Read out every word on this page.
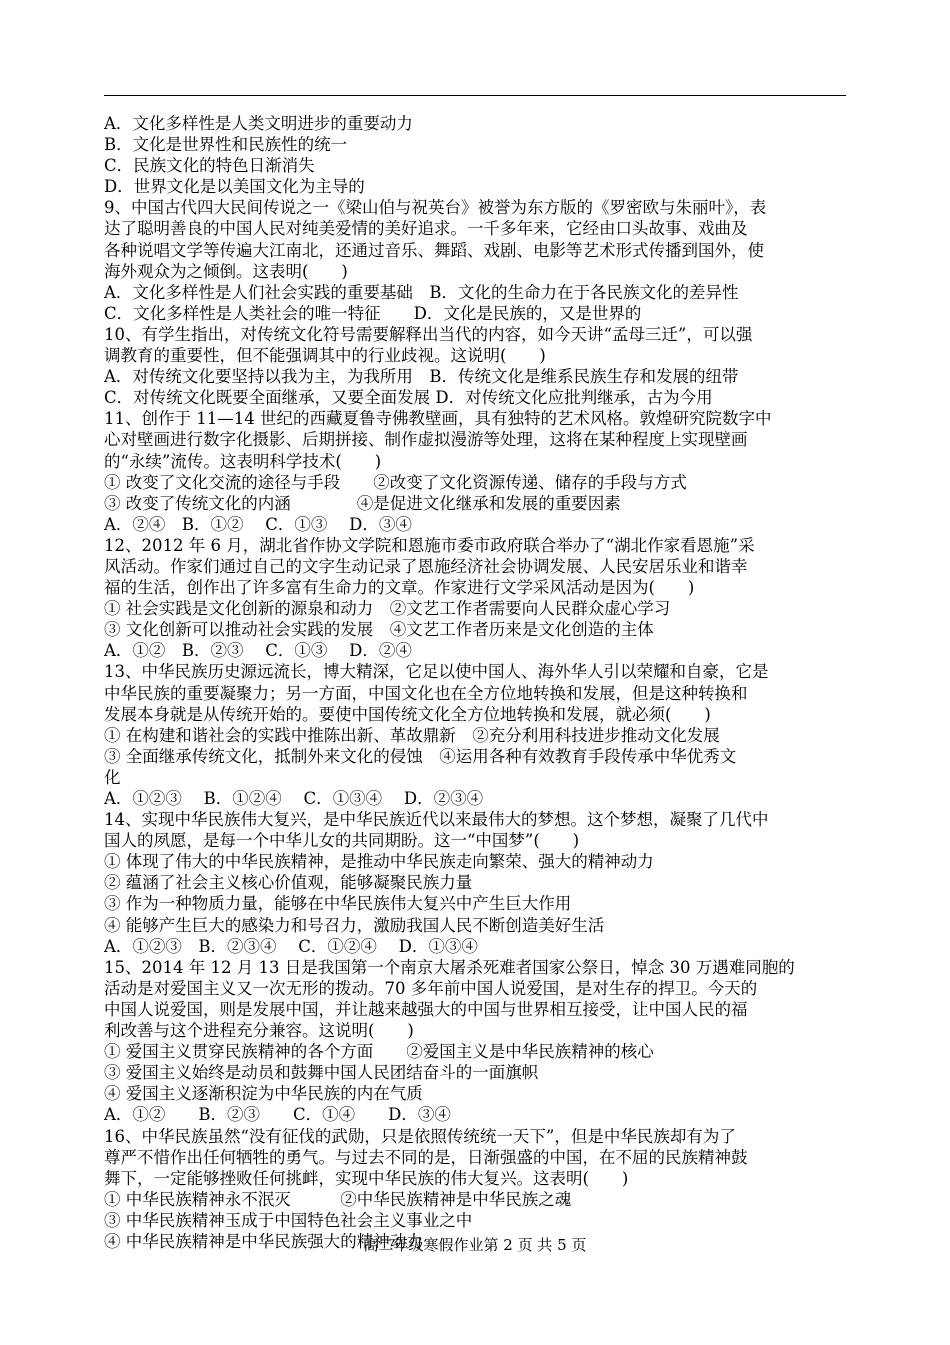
A．文化多样性是人类文明进步的重要动力
B．文化是世界性和民族性的统一
C．民族文化的特色日渐消失
D．世界文化是以美国文化为主导的
9、中国古代四大民间传说之一《梁山伯与祝英台》被誉为东方版的《罗密欧与朱丽叶》，表
达了聪明善良的中国人民对纯美爱情的美好追求。一千多年来，它经由口头故事、戏曲及
各种说唱文学等传遍大江南北，还通过音乐、舞蹈、戏剧、电影等艺术形式传播到国外，使
海外观众为之倾倒。这表明(　　)
A．文化多样性是人们社会实践的重要基础　B．文化的生命力在于各民族文化的差异性
C．文化多样性是人类社会的唯一特征　　D．文化是民族的，又是世界的
10、有学生指出，对传统文化符号需要解释出当代的内容，如今天讲“孟母三迁”，可以强
调教育的重要性，但不能强调其中的行业歧视。这说明(　　)
A．对传统文化要坚持以我为主，为我所用　B．传统文化是维系民族生存和发展的纽带
C．对传统文化既要全面继承，又要全面发展 D．对传统文化应批判继承，古为今用
11、创作于 11—14 世纪的西藏夏鲁寺佛教壁画，具有独特的艺术风格。敦煌研究院数字中
心对壁画进行数字化摄影、后期拼接、制作虚拟漫游等处理，这将在某种程度上实现壁画
的“永续”流传。这表明科学技术(　　)
① 改变了文化交流的途径与手段　　②改变了文化资源传递、储存的手段与方式
③ 改变了传统文化的内涵　　　　④是促进文化继承和发展的重要因素
A．②④　B．①②　 C．①③　 D．③④
12、2012 年 6 月，湖北省作协文学院和恩施市委市政府联合举办了“湖北作家看恩施”采
风活动。作家们通过自己的文字生动记录了恩施经济社会协调发展、人民安居乐业和谐幸
福的生活，创作出了许多富有生命力的文章。作家进行文学采风活动是因为(　　)
① 社会实践是文化创新的源泉和动力　②文艺工作者需要向人民群众虚心学习
③ 文化创新可以推动社会实践的发展　④文艺工作者历来是文化创造的主体
A．①②　B．②③　 C．①③　 D．②④
13、中华民族历史源远流长，博大精深，它足以使中国人、海外华人引以荣耀和自豪，它是
中华民族的重要凝聚力；另一方面，中国文化也在全方位地转换和发展，但是这种转换和
发展本身就是从传统开始的。要使中国传统文化全方位地转换和发展，就必须(　　)
① 在构建和谐社会的实践中推陈出新、革故鼎新　②充分利用科技进步推动文化发展
③ 全面继承传统文化，抵制外来文化的侵蚀　④运用各种有效教育手段传承中华优秀文
化
A．①②③　 B．①②④　 C．①③④　 D．②③④
14、实现中华民族伟大复兴，是中华民族近代以来最伟大的梦想。这个梦想，凝聚了几代中
国人的夙愿，是每一个中华儿女的共同期盼。这一“中国梦”(　　)
① 体现了伟大的中华民族精神，是推动中华民族走向繁荣、强大的精神动力
② 蕴涵了社会主义核心价值观，能够凝聚民族力量
③ 作为一种物质力量，能够在中华民族伟大复兴中产生巨大作用
④ 能够产生巨大的感染力和号召力，激励我国人民不断创造美好生活
A．①②③　B．②③④　 C．①②④　 D．①③④
15、2014 年 12 月 13 日是我国第一个南京大屠杀死难者国家公祭日，悼念 30 万遇难同胞的
活动是对爱国主义又一次无形的拨动。70 多年前中国人说爱国，是对生存的捍卫。今天的
中国人说爱国，则是发展中国，并让越来越强大的中国与世界相互接受，让中国人民的福
利改善与这个进程充分兼容。这说明(　　)
① 爱国主义贯穿民族精神的各个方面　　②爱国主义是中华民族精神的核心
③ 爱国主义始终是动员和鼓舞中国人民团结奋斗的一面旗帜
④ 爱国主义逐渐积淀为中华民族的内在气质
A．①②　　B．②③　　C．①④　　D．③④
16、中华民族虽然“没有征伐的武勋，只是依照传统统一天下”，但是中华民族却有为了
尊严不惜作出任何牺牲的勇气。与过去不同的是，日渐强盛的中国，在不屈的民族精神鼓
舞下，一定能够挫败任何挑衅，实现中华民族的伟大复兴。这表明(　　)
① 中华民族精神永不泯灭　　　②中华民族精神是中华民族之魂
③ 中华民族精神玉成于中国特色社会主义事业之中
④ 中华民族精神是中华民族强大的精神动力
高二年级寒假作业第 2 页 共 5 页
